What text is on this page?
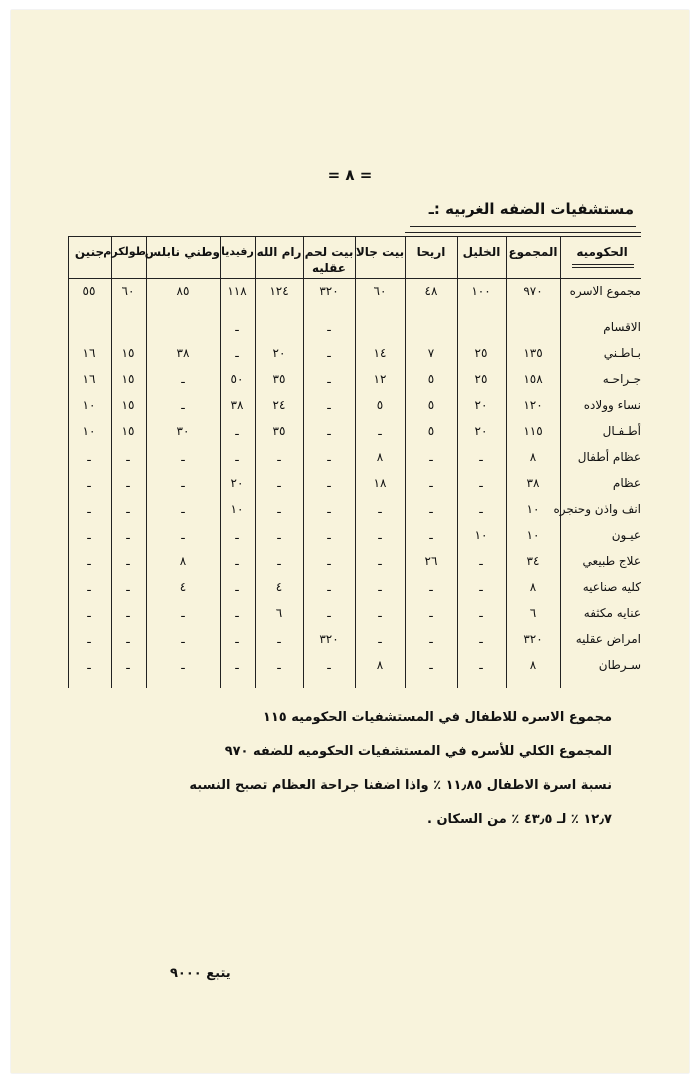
= ٨ =
مستشفيات الضفه الغربيه :ـ
الحكوميه
المجموع
الخليل
اريحا
بيت جالا
بيت لحم عقليه
رام الله
رفيديا
وطني نابلس
طولكرم
جنين
مجموع الاسره
٩٧٠
١٠٠
٤٨
٦٠
٣٢٠
١٢٤
١١٨
٨٥
٦٠
٥٥
الاقسام
ـ
ـ
بـاطـني
١٣٥
٢٥
٧
١٤
ـ
٢٠
ـ
٣٨
١٥
١٦
جـراحـه
١٥٨
٢٥
٥
١٢
ـ
٣٥
٥٠
ـ
١٥
١٦
نساء وولاده
١٢٠
٢٠
٥
٥
ـ
٢٤
٣٨
ـ
١٥
١٠
أطـفـال
١١٥
٢٠
٥
ـ
ـ
٣٥
ـ
٣٠
١٥
١٠
عظام أطفال
٨
ـ
ـ
٨
ـ
ـ
ـ
ـ
ـ
ـ
عظام
٣٨
ـ
ـ
١٨
ـ
ـ
٢٠
ـ
ـ
ـ
انف واذن وحنجره
١٠
ـ
ـ
ـ
ـ
ـ
١٠
ـ
ـ
ـ
عيـون
١٠
١٠
ـ
ـ
ـ
ـ
ـ
ـ
ـ
ـ
علاج طبيعي
٣٤
ـ
٢٦
ـ
ـ
ـ
ـ
٨
ـ
ـ
كليه صناعيه
٨
ـ
ـ
ـ
ـ
٤
ـ
٤
ـ
ـ
عنايه مكثفه
٦
ـ
ـ
ـ
ـ
٦
ـ
ـ
ـ
ـ
امراض عقليه
٣٢٠
ـ
ـ
ـ
٣٢٠
ـ
ـ
ـ
ـ
ـ
سـرطان
٨
ـ
ـ
٨
ـ
ـ
ـ
ـ
ـ
ـ
مجموع الاسره للاطفال في المستشفيات الحكوميه ١١٥
المجموع الكلي للأسره في المستشفيات الحكوميه للضفه ٩٧٠
نسبة اسرة الاطفال ١١٫٨٥ ٪ واذا اضفنا جراحة العظام تصبح النسبه
١٢٫٧ ٪ لـ ٤٣٫٥ ٪ من السكان .
يتبع ٩٠٠٠
